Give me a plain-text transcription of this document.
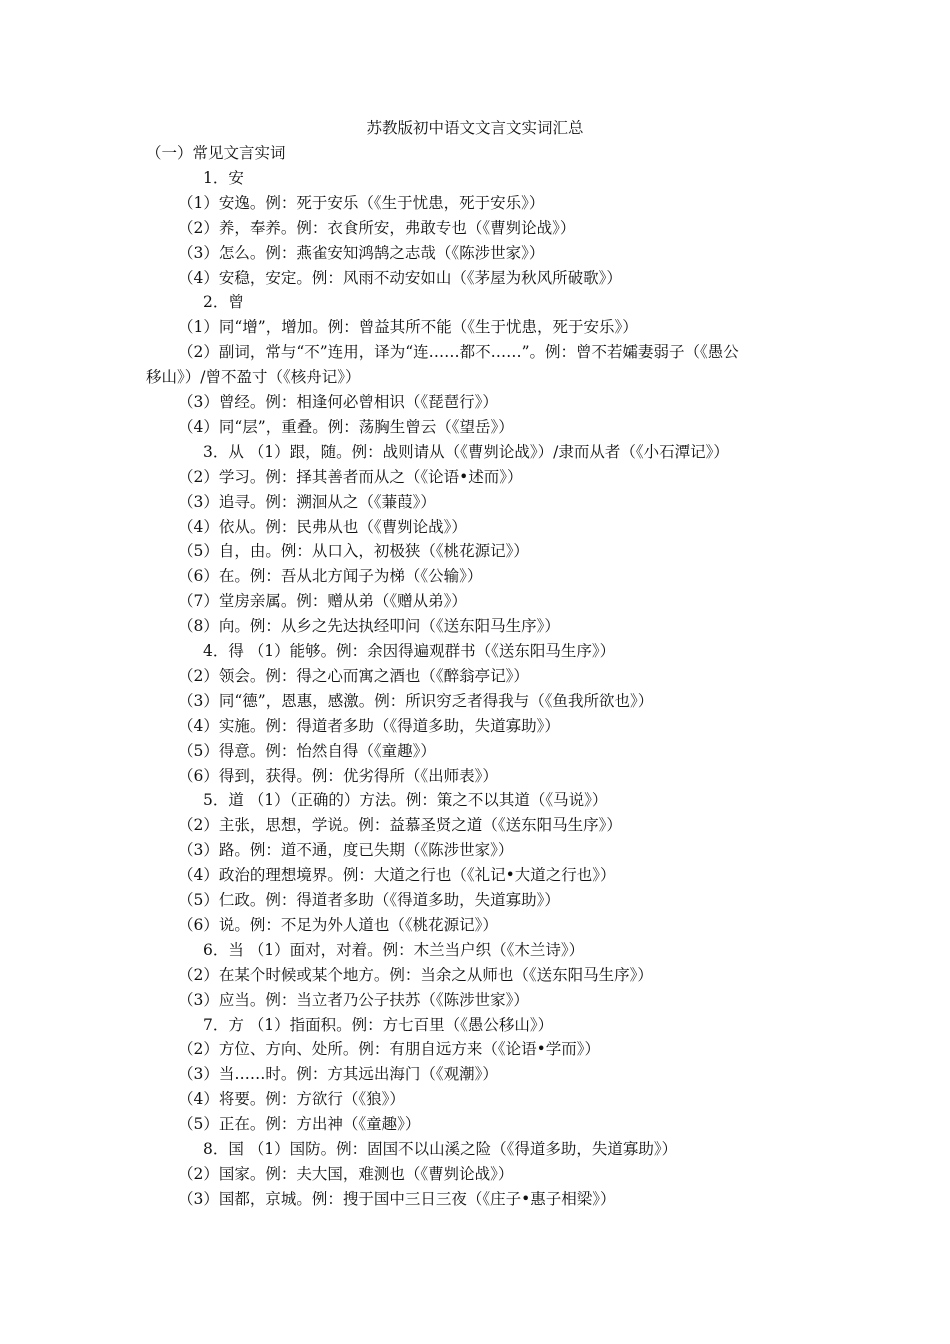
苏教版初中语文文言文实词汇总
（一）常见文言实词
1．安
（1）安逸。例：死于安乐（《生于忧患，死于安乐》）
（2）养，奉养。例：衣食所安，弗敢专也（《曹刿论战》）
（3）怎么。例：燕雀安知鸿鹄之志哉（《陈涉世家》）
（4）安稳，安定。例：风雨不动安如山（《茅屋为秋风所破歌》）
2．曾
（1）同“增”，增加。例：曾益其所不能（《生于忧患，死于安乐》）
（2）副词，常与“不”连用，译为“连……都不……”。例：曾不若孀妻弱子（《愚公
移山》）/曾不盈寸（《核舟记》）
（3）曾经。例：相逢何必曾相识（《琵琶行》）
（4）同“层”，重叠。例：荡胸生曾云（《望岳》）
3．从 （1）跟，随。例：战则请从（《曹刿论战》）/隶而从者（《小石潭记》）
（2）学习。例：择其善者而从之（《论语•述而》）
（3）追寻。例：溯洄从之（《蒹葭》）
（4）依从。例：民弗从也（《曹刿论战》）
（5）自，由。例：从口入，初极狭（《桃花源记》）
（6）在。例：吾从北方闻子为梯（《公输》）
（7）堂房亲属。例：赠从弟（《赠从弟》）
（8）向。例：从乡之先达执经叩问（《送东阳马生序》）
4．得 （1）能够。例：余因得遍观群书（《送东阳马生序》）
（2）领会。例：得之心而寓之酒也（《醉翁亭记》）
（3）同“德”，恩惠，感激。例：所识穷乏者得我与（《鱼我所欲也》）
（4）实施。例：得道者多助（《得道多助，失道寡助》）
（5）得意。例：怡然自得（《童趣》）
（6）得到，获得。例：优劣得所（《出师表》）
5．道 （1）（正确的）方法。例：策之不以其道（《马说》）
（2）主张，思想，学说。例：益慕圣贤之道（《送东阳马生序》）
（3）路。例：道不通，度已失期（《陈涉世家》）
（4）政治的理想境界。例：大道之行也（《礼记•大道之行也》）
（5）仁政。例：得道者多助（《得道多助，失道寡助》）
（6）说。例：不足为外人道也（《桃花源记》）
6．当 （1）面对，对着。例：木兰当户织（《木兰诗》）
（2）在某个时候或某个地方。例：当余之从师也（《送东阳马生序》）
（3）应当。例：当立者乃公子扶苏（《陈涉世家》）
7．方 （1）指面积。例：方七百里（《愚公移山》）
（2）方位、方向、处所。例：有朋自远方来（《论语•学而》）
（3）当……时。例：方其远出海门（《观潮》）
（4）将要。例：方欲行（《狼》）
（5）正在。例：方出神（《童趣》）
8．国 （1）国防。例：固国不以山溪之险（《得道多助，失道寡助》）
（2）国家。例：夫大国，难测也（《曹刿论战》）
（3）国都，京城。例：搜于国中三日三夜（《庄子•惠子相梁》）
